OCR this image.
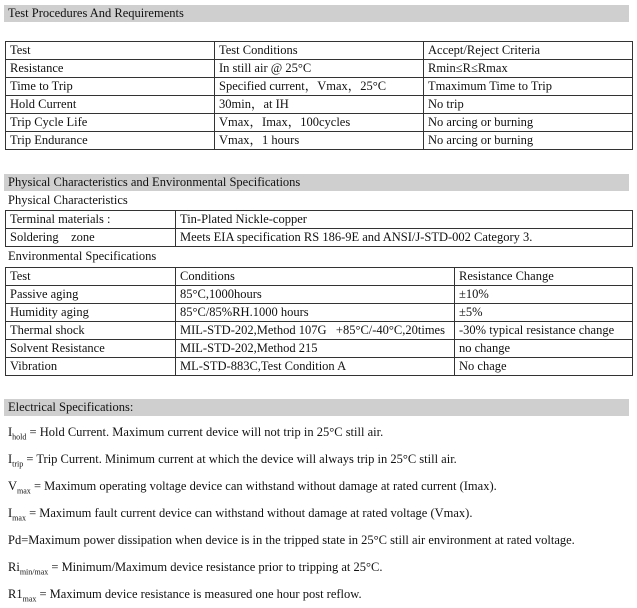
Test Procedures And Requirements
Test	Test Conditions	Accept/Reject Criteria
Resistance	In still air @ 25°C	Rmin≤R≤Rmax
Time to Trip	Specified current，Vmax，25°C	Tmaximum Time to Trip
Hold Current	30min，at IH	No trip
Trip Cycle Life	Vmax，Imax，100cycles	No arcing or burning
Trip Endurance	Vmax，1 hours	No arcing or burning
Physical Characteristics and Environmental Specifications
Physical Characteristics
Terminal materials :	Tin-Plated Nickle-copper
Soldering    zone	Meets EIA specification RS 186-9E and ANSI/J-STD-002 Category 3.
Environmental Specifications
Test	Conditions	Resistance Change
Passive aging	85°C,1000hours	±10%
Humidity aging	85°C/85%RH.1000 hours	±5%
Thermal shock	MIL-STD-202,Method 107G   +85°C/-40°C,20times	-30% typical resistance change
Solvent Resistance	MIL-STD-202,Method 215	no change
Vibration	ML-STD-883C,Test Condition A	No chage
Electrical Specifications:
$I_{hold}$ = Hold Current. Maximum current device will not trip in 25°C still air.
$I_{trip}$ = Trip Current. Minimum current at which the device will always trip in 25°C still air.
$V_{max}$ = Maximum operating voltage device can withstand without damage at rated current (Imax).
$I_{max}$ = Maximum fault current device can withstand without damage at rated voltage (Vmax).
Pd=Maximum power dissipation when device is in the tripped state in 25°C still air environment at rated voltage.
$Ri_{min/max}$ = Minimum/Maximum device resistance prior to tripping at 25°C.
$R1_{max}$ = Maximum device resistance is measured one hour post reflow.
